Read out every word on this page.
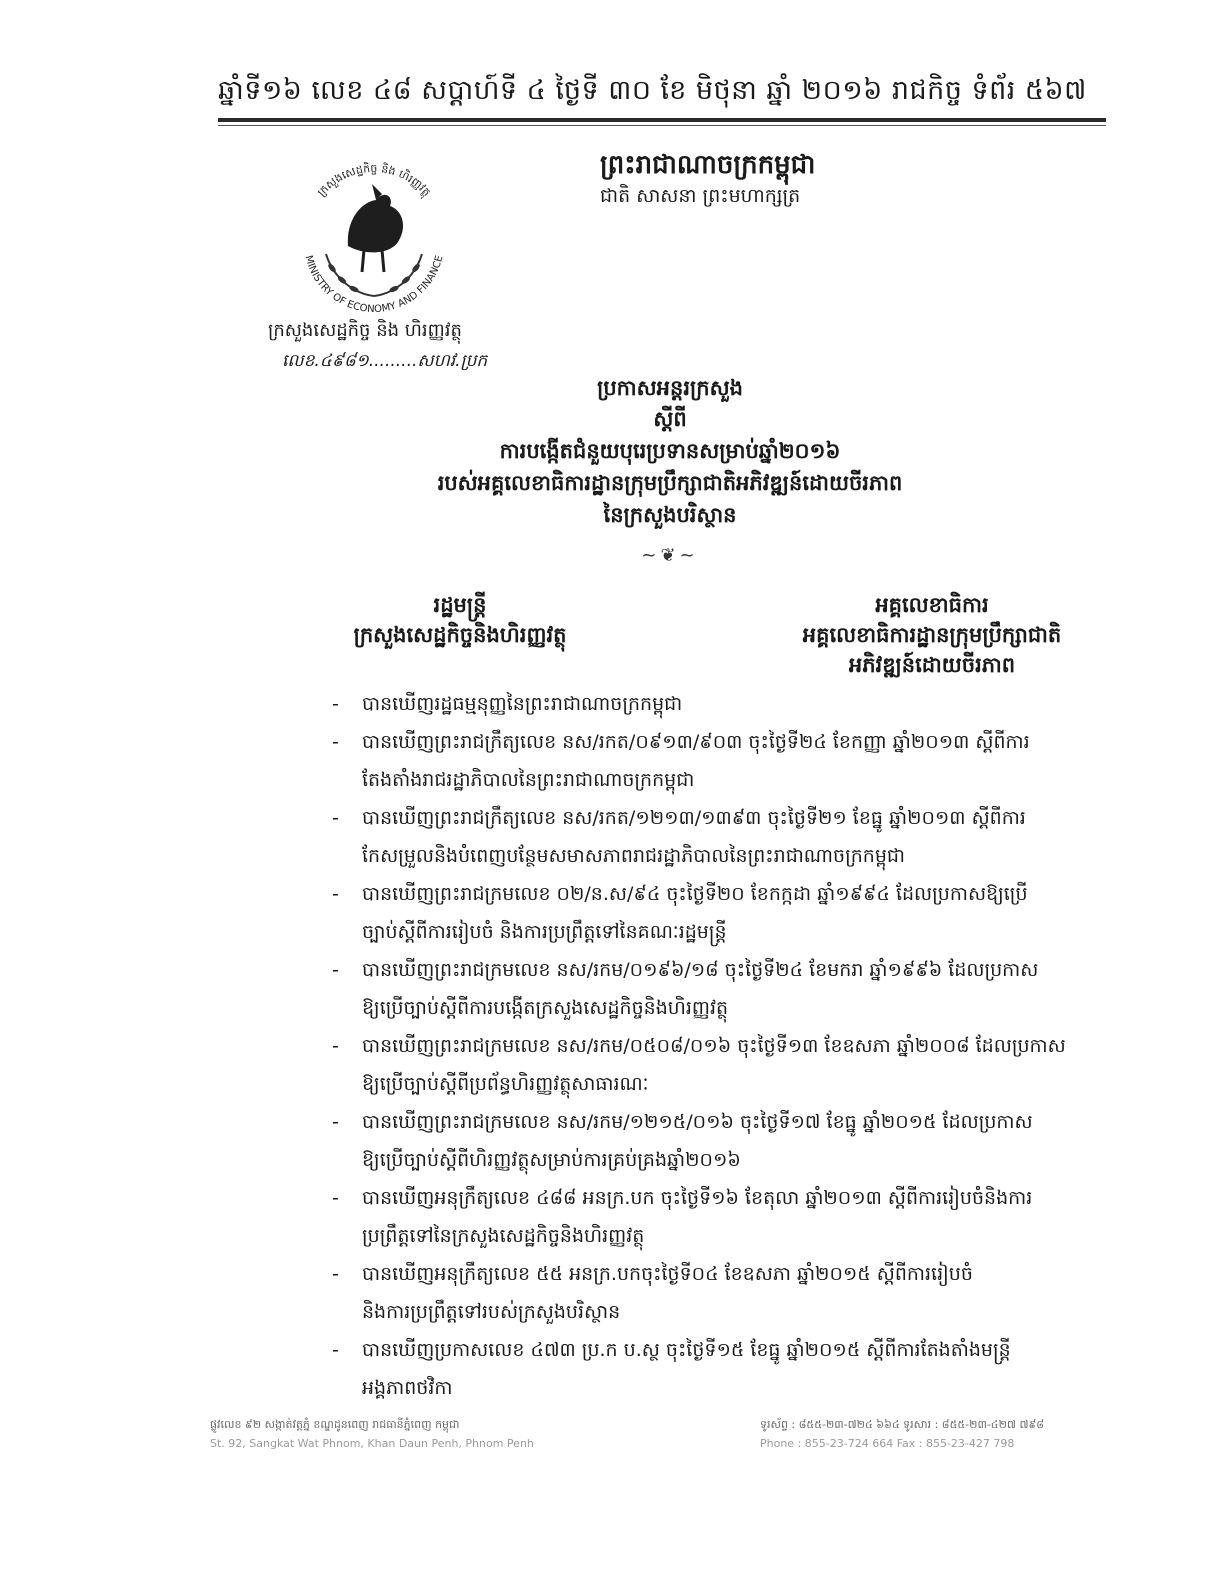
ឆ្នាំទី១៦ លេខ ៤៨ សប្តាហ៍ទី ៤ ថ្ងៃទី ៣០ ខែ មិថុនា ឆ្នាំ ២០១៦ រាជកិច្ច ទំព័រ ៥៦៧
ក្រសួងសេដ្ឋកិច្ច និង ហិរញ្ញវត្ថុ
MINISTRY OF ECONOMY AND FINANCE
ក្រសួងសេដ្ឋកិច្ច និង ហិរញ្ញវត្ថុ
លេខ.៤៩៨១.........សហវ.ប្រក
ព្រះរាជាណាចក្រកម្ពុជា
ជាតិ សាសនា ព្រះមហាក្សត្រ
ប្រកាសអន្តរក្រសួង
ស្តីពី
ការបង្កើតជំនួយបុរេប្រទានសម្រាប់ឆ្នាំ២០១៦
របស់អគ្គលេខាធិការដ្ឋានក្រុមប្រឹក្សាជាតិអភិវឌ្ឍន៍ដោយចីរភាព
នៃក្រសួងបរិស្ថាន
~❦~
រដ្ឋមន្ត្រី
ក្រសួងសេដ្ឋកិច្ចនិងហិរញ្ញវត្ថុ
អគ្គលេខាធិការ
អគ្គលេខាធិការដ្ឋានក្រុមប្រឹក្សាជាតិ
អភិវឌ្ឍន៍ដោយចីរភាព
-	បានឃើញរដ្ឋធម្មនុញ្ញនៃព្រះរាជាណាចក្រកម្ពុជា
-	បានឃើញព្រះរាជក្រឹត្យលេខ នស/រកត/០៩១៣/៩០៣ ចុះថ្ងៃទី២៤ ខែកញ្ញា ឆ្នាំ២០១៣ ស្តីពីការ
តែងតាំងរាជរដ្ឋាភិបាលនៃព្រះរាជាណាចក្រកម្ពុជា
-	បានឃើញព្រះរាជក្រឹត្យលេខ នស/រកត/១២១៣/១៣៩៣ ចុះថ្ងៃទី២១ ខែធ្នូ ឆ្នាំ២០១៣ ស្តីពីការ
កែសម្រួលនិងបំពេញបន្ថែមសមាសភាពរាជរដ្ឋាភិបាលនៃព្រះរាជាណាចក្រកម្ពុជា
-	បានឃើញព្រះរាជក្រមលេខ ០២/ន.ស/៩៤ ចុះថ្ងៃទី២០ ខែកក្កដា ឆ្នាំ១៩៩៤ ដែលប្រកាសឱ្យប្រើ
ច្បាប់ស្តីពីការរៀបចំ និងការប្រព្រឹត្តទៅនៃគណៈរដ្ឋមន្ត្រី
-	បានឃើញព្រះរាជក្រមលេខ នស/រកម/០១៩៦/១៨ ចុះថ្ងៃទី២៤ ខែមករា ឆ្នាំ១៩៩៦ ដែលប្រកាស
ឱ្យប្រើច្បាប់ស្តីពីការបង្កើតក្រសួងសេដ្ឋកិច្ចនិងហិរញ្ញវត្ថុ
-	បានឃើញព្រះរាជក្រមលេខ នស/រកម/០៥០៨/០១៦ ចុះថ្ងៃទី១៣ ខែឧសភា ឆ្នាំ២០០៨ ដែលប្រកាស
ឱ្យប្រើច្បាប់ស្តីពីប្រព័ន្ធហិរញ្ញវត្ថុសាធារណៈ
-	បានឃើញព្រះរាជក្រមលេខ នស/រកម/១២១៥/០១៦ ចុះថ្ងៃទី១៧ ខែធ្នូ ឆ្នាំ២០១៥ ដែលប្រកាស
ឱ្យប្រើច្បាប់ស្តីពីហិរញ្ញវត្ថុសម្រាប់ការគ្រប់គ្រងឆ្នាំ២០១៦
-	បានឃើញអនុក្រឹត្យលេខ ៤៨៨ អនក្រ.បក ចុះថ្ងៃទី១៦ ខែតុលា ឆ្នាំ២០១៣ ស្តីពីការរៀបចំនិងការ
ប្រព្រឹត្តទៅនៃក្រសួងសេដ្ឋកិច្ចនិងហិរញ្ញវត្ថុ
-	បានឃើញអនុក្រឹត្យលេខ ៥៥ អនក្រ.បកចុះថ្ងៃទី០៤ ខែឧសភា ឆ្នាំ២០១៥ ស្តីពីការរៀបចំ
និងការប្រព្រឹត្តទៅរបស់ក្រសួងបរិស្ថាន
-	បានឃើញប្រកាសលេខ ៤៧៣ ប្រ.ក ប.ស្ថ ចុះថ្ងៃទី១៥ ខែធ្នូ ឆ្នាំ២០១៥ ស្តីពីការតែងតាំងមន្ត្រី
អង្គភាពថវិកា
ផ្លូវលេខ ៩២ សង្កាត់វត្តភ្នំ ខណ្ឌដូនពេញ រាជធានីភ្នំពេញ កម្ពុជា
St. 92, Sangkat Wat Phnom, Khan Daun Penh, Phnom Penh
ទូរស័ព្ទ : ៨៥៥-២៣-៧២៤ ៦៦៤ ទូរសារ : ៨៥៥-២៣-៤២៧ ៧៩៨
Phone : 855-23-724 664 Fax : 855-23-427 798
